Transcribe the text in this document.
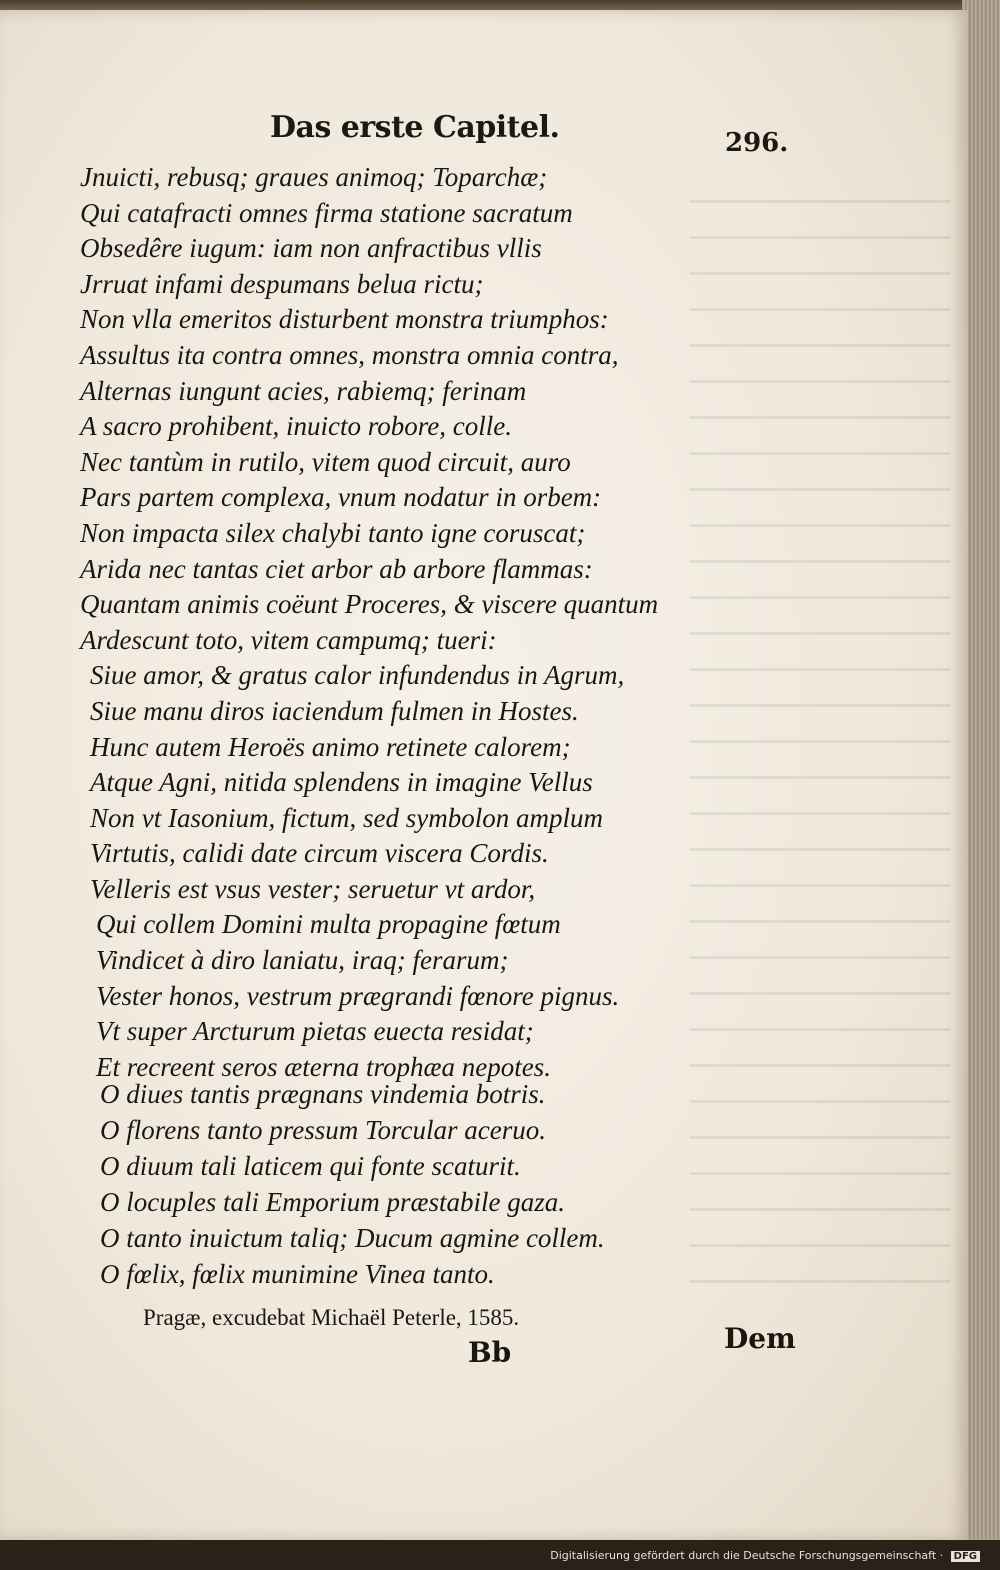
Das erste Capitel.	296.
Jnuicti, rebusq; graues animoq; Toparchæ;
Qui catafracti omnes firma statione sacratum
Obsedêre iugum: iam non anfractibus vllis
Jrruat infami despumans belua rictu;
Non vlla emeritos disturbent monstra triumphos:
Assultus ita contra omnes, monstra omnia contra,
Alternas iungunt acies, rabiemq; ferinam
A sacro prohibent, inuicto robore, colle.
Nec tantùm in rutilo, vitem quod circuit, auro
Pars partem complexa, vnum nodatur in orbem:
Non impacta silex chalybi tanto igne coruscat;
Arida nec tantas ciet arbor ab arbore flammas:
Quantam animis coëunt Proceres, & viscere quantum
Ardescunt toto, vitem campumq; tueri:
Siue amor, & gratus calor infundendus in Agrum,
Siue manu diros iaciendum fulmen in Hostes.
Hunc autem Heroës animo retinete calorem;
Atque Agni, nitida splendens in imagine Vellus
Non vt Iasonium, fictum, sed symbolon amplum
Virtutis, calidi date circum viscera Cordis.
Velleris est vsus vester; seruetur vt ardor,
Qui collem Domini multa propagine fœtum
Vindicet à diro laniatu, iraq; ferarum;
Vester honos, vestrum prægrandi fœnore pignus.
Vt super Arcturum pietas euecta residat;
Et recreent seros æterna trophæa nepotes.
O diues tantis prægnans vindemia botris.
O florens tanto pressum Torcular aceruo.
O diuum tali laticem qui fonte scaturit.
O locuples tali Emporium præstabile gaza.
O tanto inuictum taliq; Ducum agmine collem.
O fœlix, fœlix munimine Vinea tanto.
Pragæ, excudebat Michaël Peterle, 1585.
Bb	Dem
Digitalisierung gefördert durch die Deutsche Forschungsgemeinschaft · DFG
